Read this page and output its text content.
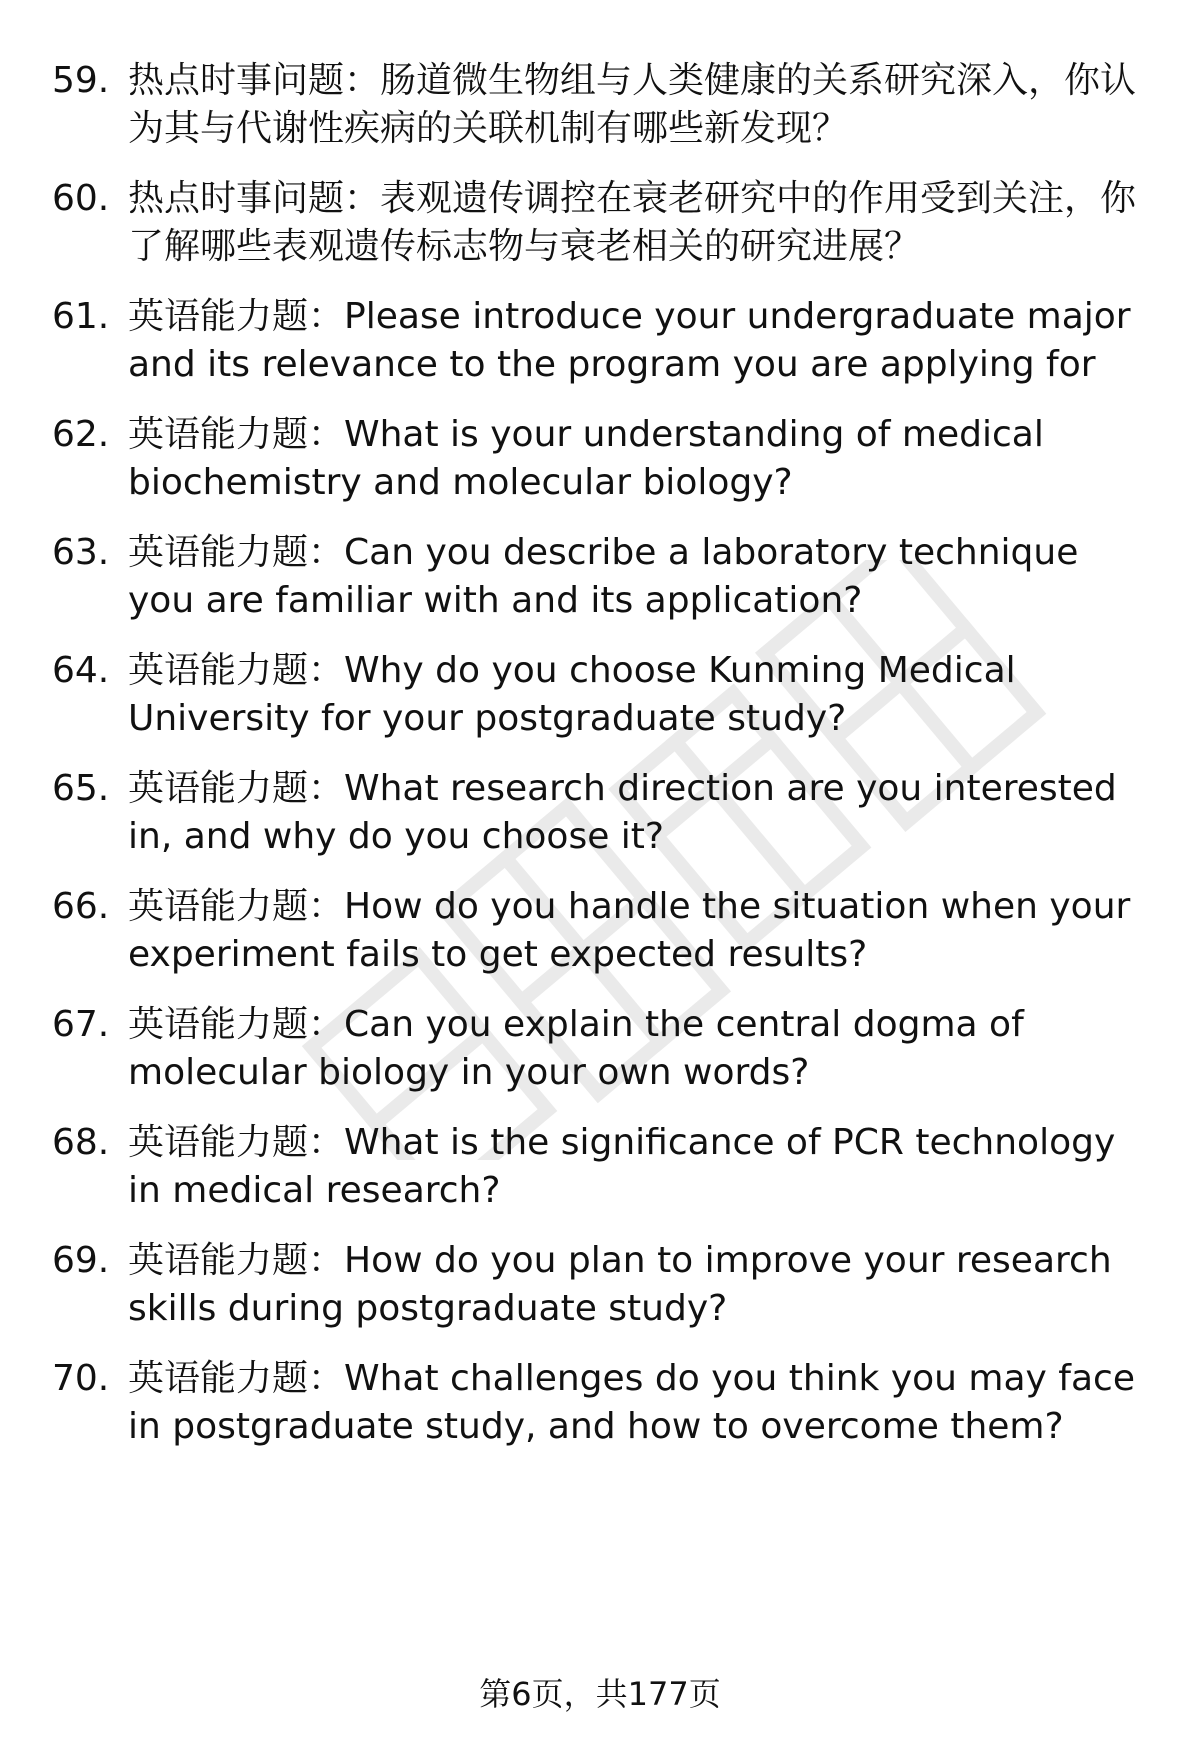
59. 热点时事问题：肠道微生物组与人类健康的关系研究深入，你认为其与代谢性疾病的关联机制有哪些新发现？
60. 热点时事问题：表观遗传调控在衰老研究中的作用受到关注，你了解哪些表观遗传标志物与衰老相关的研究进展？
61. 英语能力题：Please introduce your undergraduate major and its relevance to the program you are applying for
62. 英语能力题：What is your understanding of medical biochemistry and molecular biology?
63. 英语能力题：Can you describe a laboratory technique you are familiar with and its application?
64. 英语能力题：Why do you choose Kunming Medical University for your postgraduate study?
65. 英语能力题：What research direction are you interested in, and why do you choose it?
66. 英语能力题：How do you handle the situation when your experiment fails to get expected results?
67. 英语能力题：Can you explain the central dogma of molecular biology in your own words?
68. 英语能力题：What is the significance of PCR technology in medical research?
69. 英语能力题：How do you plan to improve your research skills during postgraduate study?
70. 英语能力题：What challenges do you think you may face in postgraduate study, and how to overcome them?
第6页，共177页
